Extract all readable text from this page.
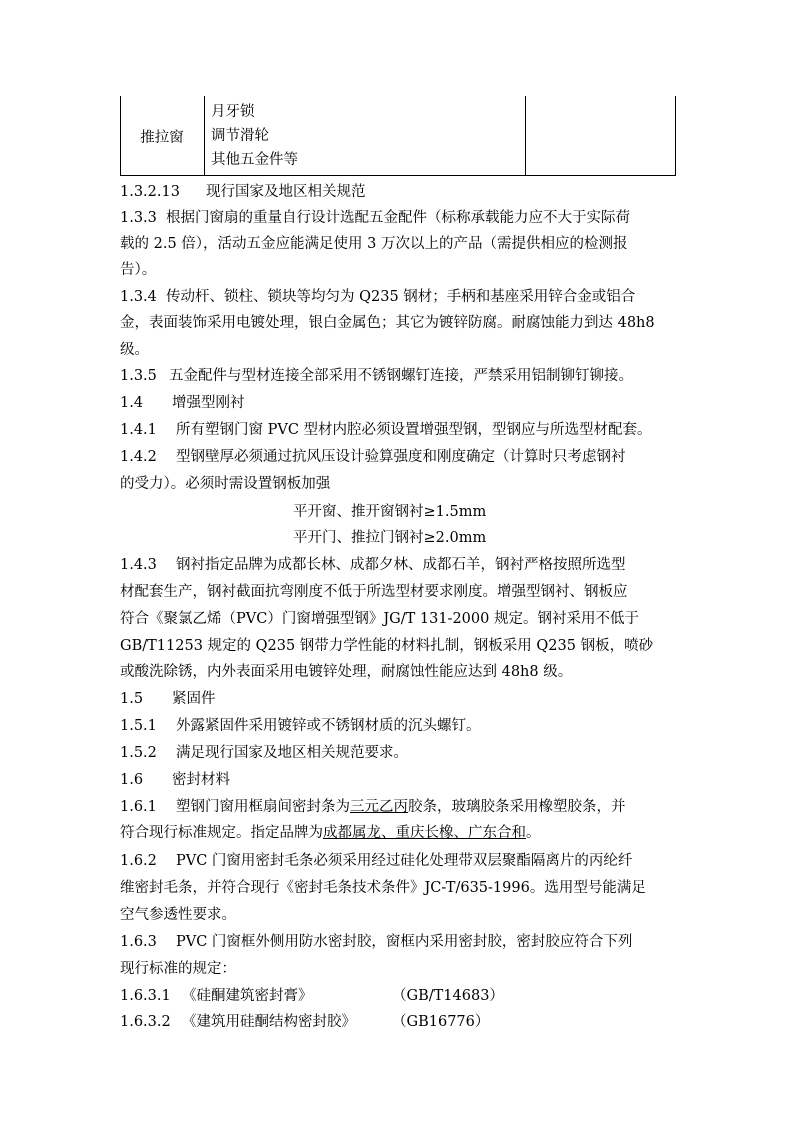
推拉窗
月牙锁
调节滑轮
其他五金件等
1.3.2.13 现行国家及地区相关规范
1.3.3 根据门窗扇的重量自行设计选配五金配件（标称承载能力应不大于实际荷
载的 2.5 倍），活动五金应能满足使用 3 万次以上的产品（需提供相应的检测报
告）。
1.3.4 传动杆、锁柱、锁块等均匀为 Q235 钢材；手柄和基座采用锌合金或铝合
金，表面装饰采用电镀处理，银白金属色；其它为镀锌防腐。耐腐蚀能力到达 48h8
级。
1.3.5 五金配件与型材连接全部采用不锈钢螺钉连接，严禁采用铝制铆钉铆接。
1.4 增强型刚衬
1.4.1 所有塑钢门窗 PVC 型材内腔必须设置增强型钢，型钢应与所选型材配套。
1.4.2 型钢壁厚必须通过抗风压设计验算强度和刚度确定（计算时只考虑钢衬
的受力）。必须时需设置钢板加强
平开窗、推开窗钢衬≥1.5mm
平开门、推拉门钢衬≥2.0mm
1.4.3 钢衬指定品牌为成都长林、成都夕林、成都石羊，钢衬严格按照所选型
材配套生产，钢衬截面抗弯刚度不低于所选型材要求刚度。增强型钢衬、钢板应
符合《聚氯乙烯（PVC）门窗增强型钢》JG/T 131-2000 规定。钢衬采用不低于
GB/T11253 规定的 Q235 钢带力学性能的材料扎制，钢板采用 Q235 钢板，喷砂
或酸洗除锈，内外表面采用电镀锌处理，耐腐蚀性能应达到 48h8 级。
1.5 紧固件
1.5.1 外露紧固件采用镀锌或不锈钢材质的沉头螺钉。
1.5.2 满足现行国家及地区相关规范要求。
1.6 密封材料
1.6.1 塑钢门窗用框扇间密封条为三元乙丙胶条，玻璃胶条采用橡塑胶条，并
符合现行标准规定。指定品牌为成都属龙、重庆长橡、广东合和。
1.6.2 PVC 门窗用密封毛条必须采用经过硅化处理带双层聚酯隔离片的丙纶纤
维密封毛条，并符合现行《密封毛条技术条件》JC-T/635-1996。选用型号能满足
空气参透性要求。
1.6.3 PVC 门窗框外侧用防水密封胶，窗框内采用密封胶，密封胶应符合下列
现行标准的规定：
1.6.3.1 《硅酮建筑密封膏》	（GB/T14683）
1.6.3.2 《建筑用硅酮结构密封胶》 （GB16776）
